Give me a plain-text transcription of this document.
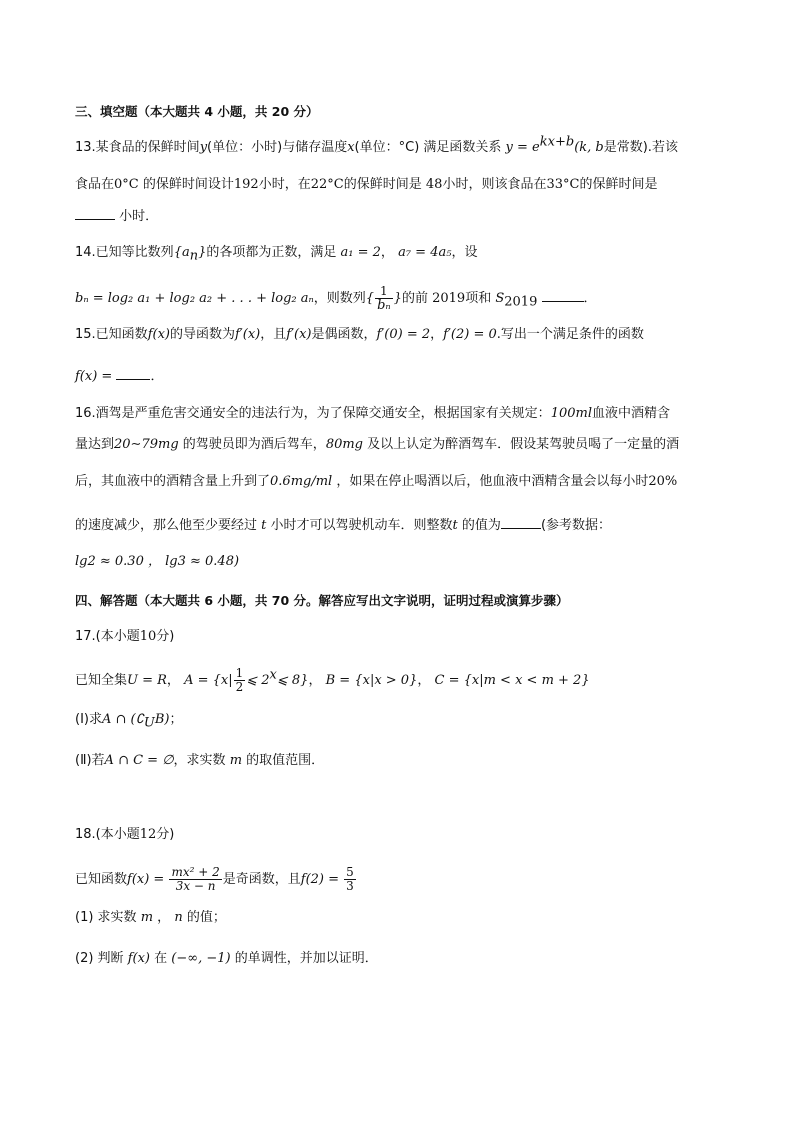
三、填空题（本大题共 4 小题，共 20 分）
13.某食品的保鲜时间y(单位：小时)与储存温度x(单位：°C) 满足函数关系 $y = e^{kx+b}(k$, b是常数).若该
食品在0°C 的保鲜时间设计192小时，在22°C的保鲜时间是 48小时，则该食品在33°C的保鲜时间是
小时．
14.已知等比数列$\{a_n\}$的各项都为正数，满足 a₁ = 2， a₇ = 4a₅，设
bₙ = log₂ a₁ + log₂ a₂ + . . . + log₂ aₙ，则数列{ $\frac{1}{\text{bₙ}}$ }的前 2019项和 $S_{2019}$	．
15.已知函数f(x)的导函数为f′(x)，且f′(x)是偶函数，f′(0) = 2，f′(2) = 0.写出一个满足条件的函数
f(x) =	．
16.酒驾是严重危害交通安全的违法行为，为了保障交通安全，根据国家有关规定：100ml血液中酒精含
量达到20∼79mg 的驾驶员即为酒后驾车，80mg 及以上认定为醉酒驾车．假设某驾驶员喝了一定量的酒
后，其血液中的酒精含量上升到了0.6mg/ml ，如果在停止喝酒以后，他血液中酒精含量会以每小时20%
的速度减少，那么他至少要经过 t 小时才可以驾驶机动车．则整数t 的值为	(参考数据：
lg2 ≈ 0.30 ， lg3 ≈ 0.48)
四、解答题（本大题共 6 小题，共 70 分。解答应写出文字说明，证明过程或演算步骤）
17.(本小题10分)
已知全集U = R， $A = \{x| \frac{1}{2}$ ⩽ 2$^x$⩽ 8}， B = {x|x > 0}， C = {x|m < x < m + 2}
(Ⅰ)求A ∩ $(∁_UB)$；
(Ⅱ)若A ∩ C = ∅，求实数 m 的取值范围．
18.(本小题12分)
已知函数$f(x) = \frac{\text{mx² + 2}}{3x - n}$ 是奇函数，且$f(2) = \frac{5}{3}$
(1) 求实数 m ， n 的值；
(2) 判断 f(x) 在 (−∞, −1) 的单调性，并加以证明．
